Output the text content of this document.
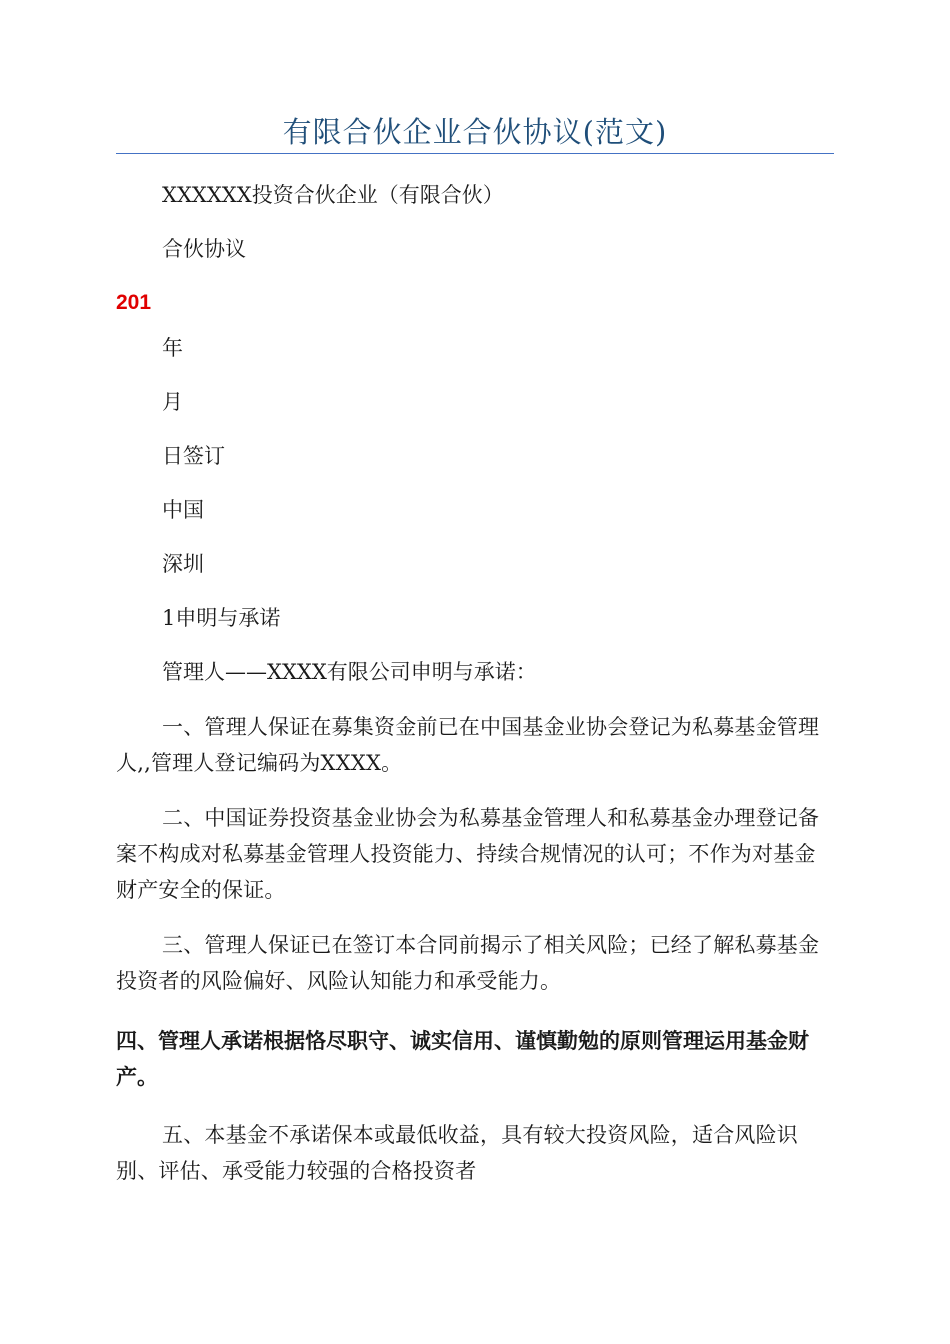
有限合伙企业合伙协议(范文)
XXXXXX投资合伙企业（有限合伙）
合伙协议
201
年
月
日签订
中国
深圳
1申明与承诺
管理人——XXXX有限公司申明与承诺：
一、管理人保证在募集资金前已在中国基金业协会登记为私募基金管理人,,管理人登记编码为XXXX。
二、中国证券投资基金业协会为私募基金管理人和私募基金办理登记备案不构成对私募基金管理人投资能力、持续合规情况的认可；不作为对基金财产安全的保证。
三、管理人保证已在签订本合同前揭示了相关风险；已经了解私募基金投资者的风险偏好、风险认知能力和承受能力。
四、管理人承诺根据恪尽职守、诚实信用、谨慎勤勉的原则管理运用基金财产。
五、本基金不承诺保本或最低收益，具有较大投资风险，适合风险识别、评估、承受能力较强的合格投资者
